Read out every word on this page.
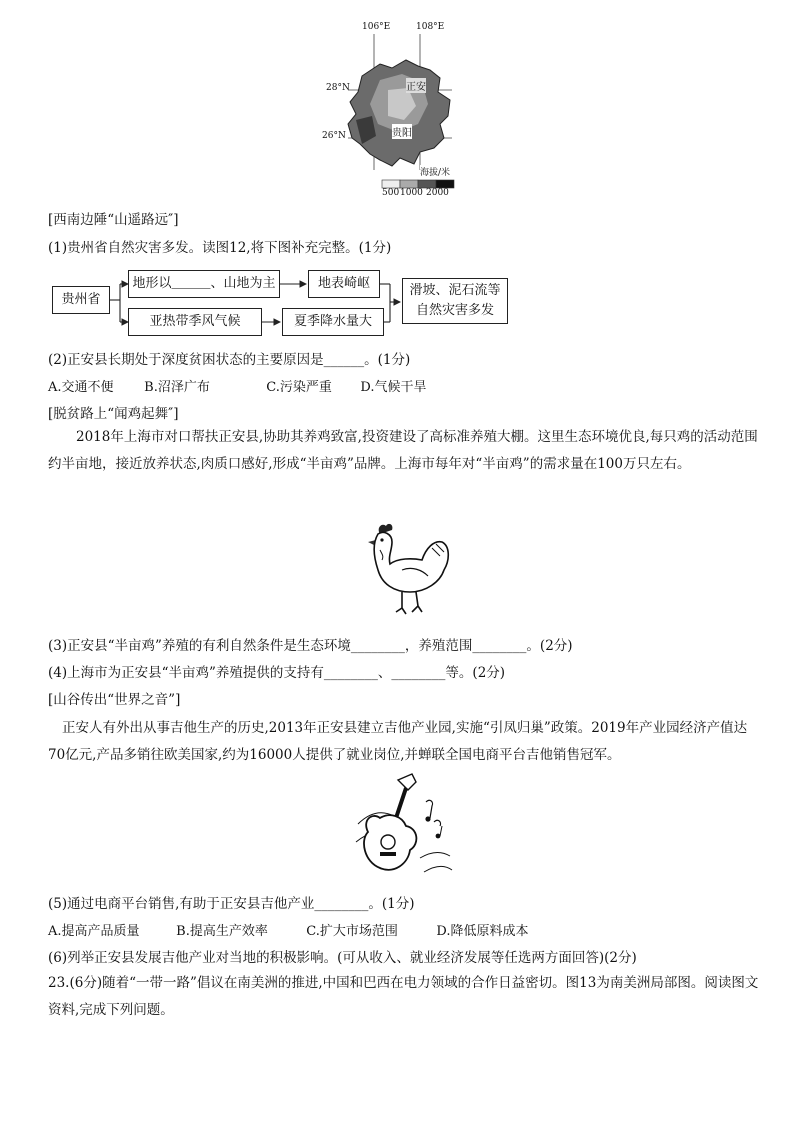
106°E	108°E
28°N
26°N
正安
贵阳
海拔/米
500 1000 2000
[西南边陲“山遥路远″]
(1)贵州省自然灾害多发。读图12,将下图补充完整。(1分)
贵州省
地形以＿＿＿、山地为主	地表崎岖
亚热带季风气候	夏季降水量大
滑坡、泥石流等
自然灾害多发
(2)正安县长期处于深度贫困状态的主要原因是______。(1分)
A.交通不便 B.沼泽广布	C.污染严重 D.气候干旱
[脱贫路上“闻鸡起舞″]
2018年上海市对口帮扶正安县,协助其养鸡致富,投资建设了高标准养殖大棚。这里生态环境优良,每只鸡的活动范围约半亩地，接近放养状态,肉质口感好,形成“半亩鸡”品牌。上海市每年对“半亩鸡”的需求量在100万只左右。
(3)正安县“半亩鸡”养殖的有利自然条件是生态环境________，养殖范围________。(2分)
(4)上海市为正安县“半亩鸡”养殖提供的支持有________、________等。(2分)
[山谷传出“世界之音”]
正安人有外出从事吉他生产的历史,2013年正安县建立吉他产业园,实施“引凤归巢”政策。2019年产业园经济产值达70亿元,产品多销往欧美国家,约为16000人提供了就业岗位,并蝉联全国电商平台吉他销售冠军。
(5)通过电商平台销售,有助于正安县吉他产业________。(1分)
A.提高产品质量	B.提高生产效率	C.扩大市场范围	D.降低原料成本
(6)列举正安县发展吉他产业对当地的积极影响。(可从收入、就业经济发展等任选两方面回答)(2分)
23.(6分)随着“一带一路”倡议在南美洲的推进,中国和巴西在电力领域的合作日益密切。图13为南美洲局部图。阅读图文资料,完成下列问题。
